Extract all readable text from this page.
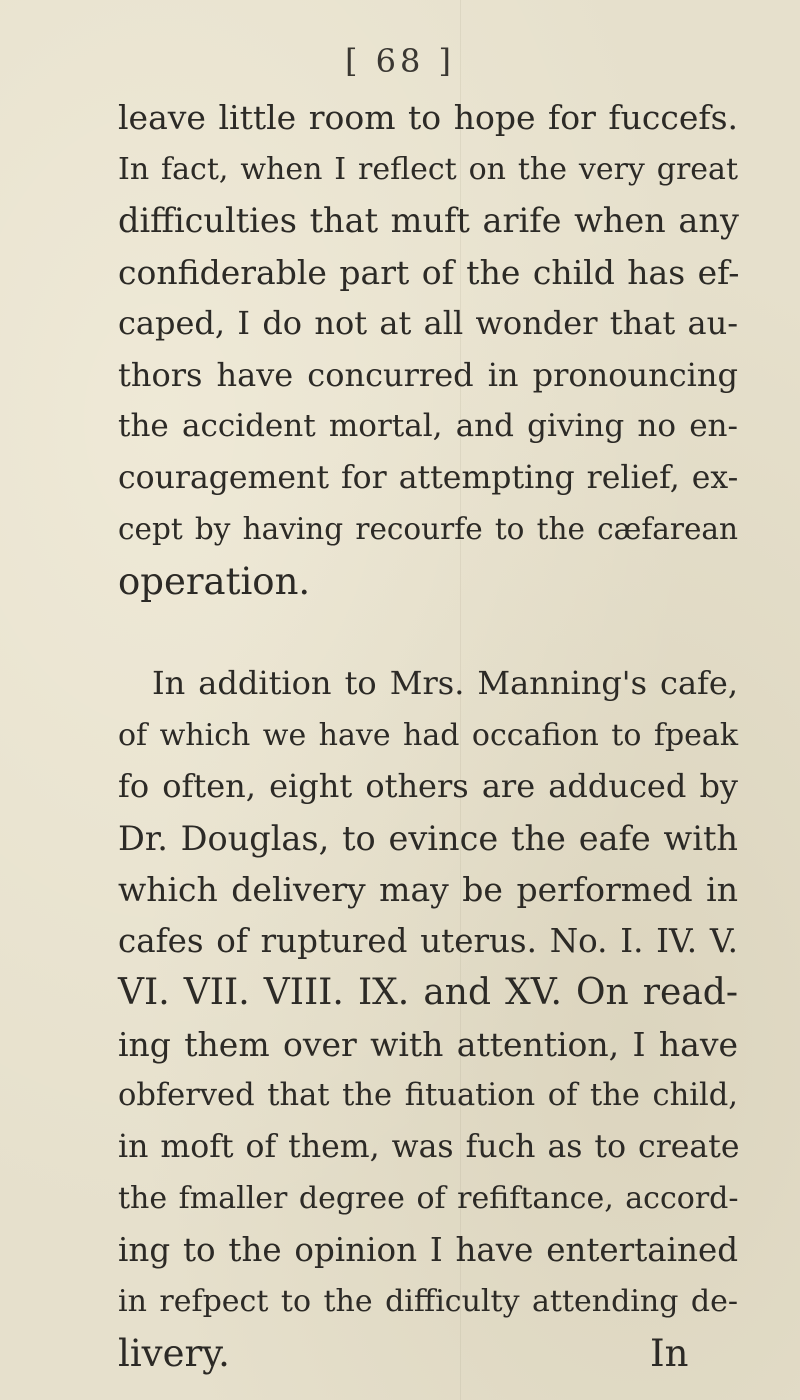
[ 68 ]
leave little room to hope for fuccefs.
In fact, when I reflect on the very great
difficulties that muft arife when any
confiderable part of the child has ef-
caped, I do not at all wonder that au-
thors have concurred in pronouncing
the accident mortal, and giving no en-
couragement for attempting relief, ex-
cept by having recourfe to the cæfarean
operation.
In addition to Mrs. Manning's cafe,
of which we have had occafion to fpeak
fo often, eight others are adduced by
Dr. Douglas, to evince the eafe with
which delivery may be performed in
cafes of ruptured uterus. No. I. IV. V.
VI. VII. VIII. IX. and XV. On read-
ing them over with attention, I have
obferved that the fituation of the child,
in moft of them, was fuch as to create
the fmaller degree of refiftance, accord-
ing to the opinion I have entertained
in refpect to the difficulty attending de-
livery.	In
